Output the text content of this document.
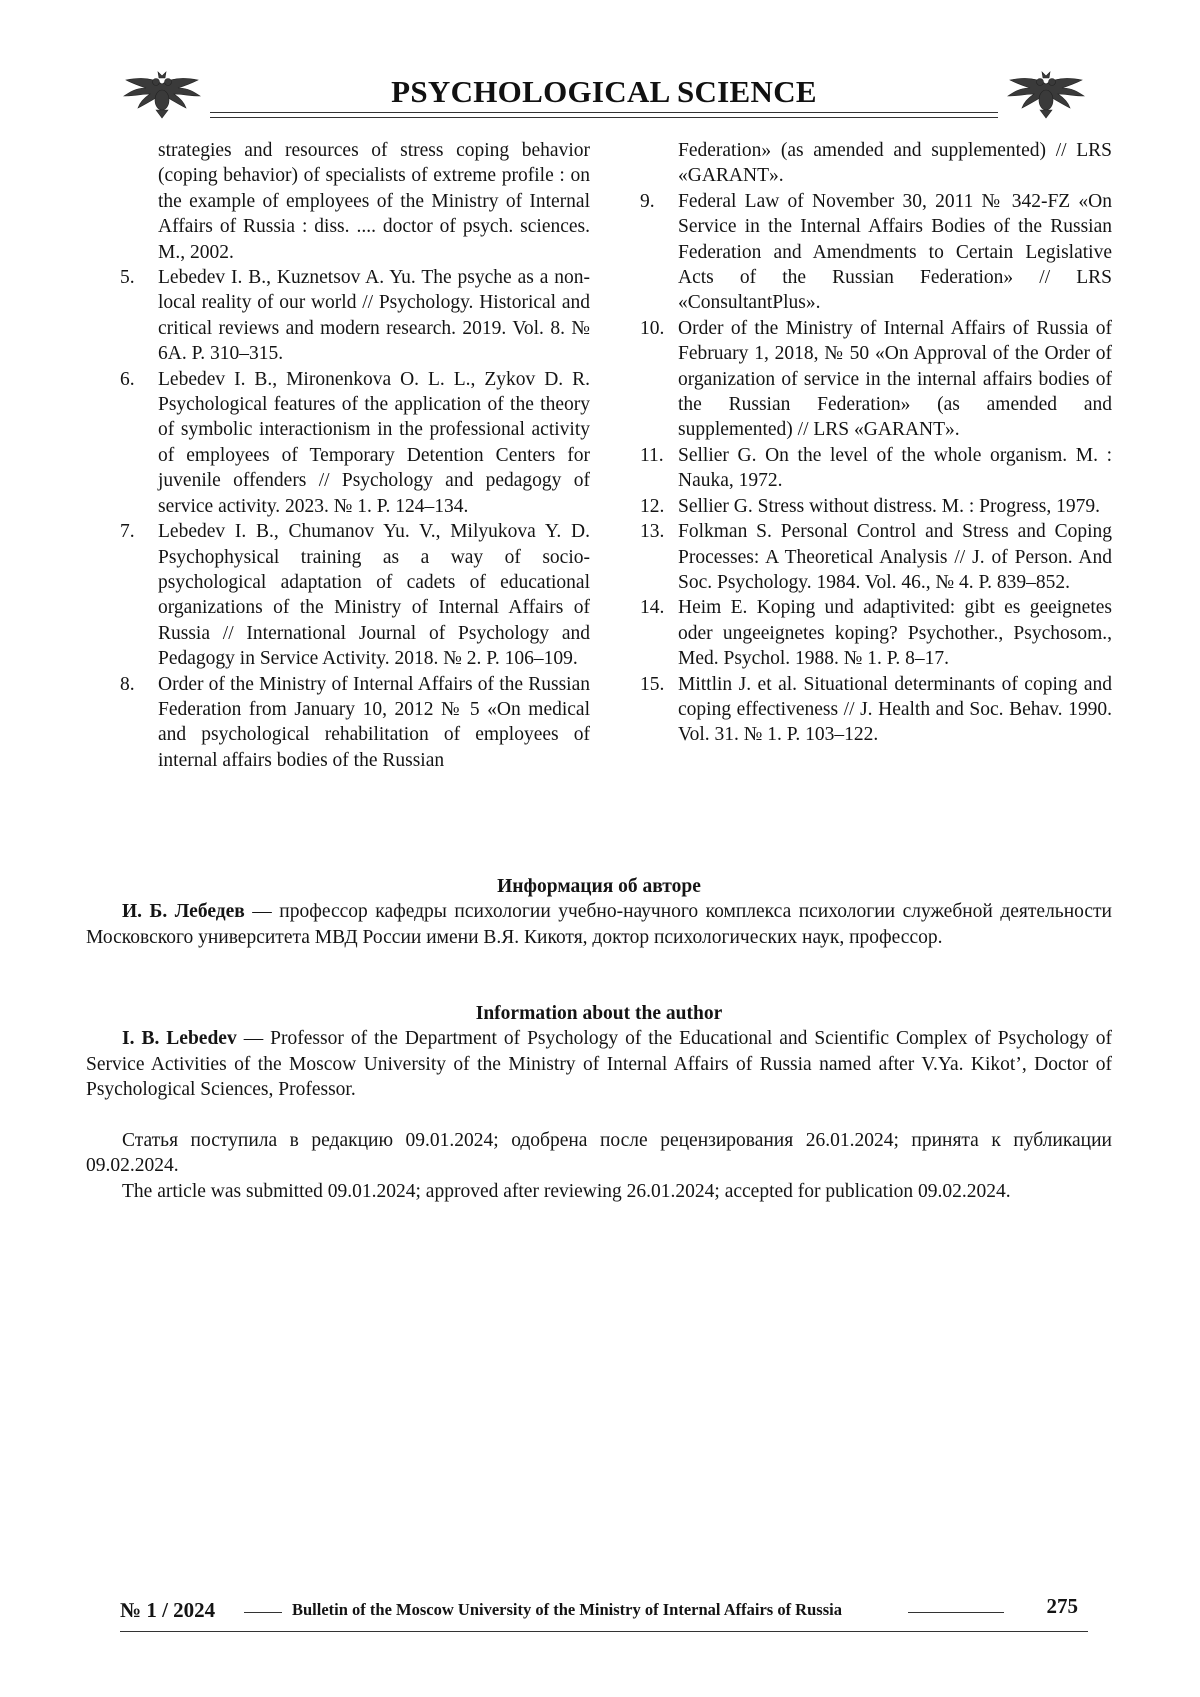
PSYCHOLOGICAL SCIENCE
strategies and resources of stress coping behavior (coping behavior) of specialists of extreme profile : on the example of employees of the Ministry of Internal Affairs of Russia : diss. .... doctor of psych. sciences. M., 2002.
5.	Lebedev I. B., Kuznetsov A. Yu. The psyche as a non-local reality of our world // Psychology. Historical and critical reviews and modern research. 2019. Vol. 8. № 6A. P. 310–315.
6.	Lebedev I. B., Mironenkova O. L. L., Zykov D. R. Psychological features of the application of the theory of symbolic interactionism in the professional activity of employees of Temporary Detention Centers for juvenile offenders // Psychology and pedagogy of service activity. 2023. № 1. P. 124–134.
7.	Lebedev I. B., Chumanov Yu. V., Milyukova Y. D. Psychophysical training as a way of socio-psychological adaptation of cadets of educational organizations of the Ministry of Internal Affairs of Russia // International Journal of Psychology and Pedagogy in Service Activity. 2018. № 2. P. 106–109.
8.	Order of the Ministry of Internal Affairs of the Russian Federation from January 10, 2012 № 5 «On medical and psychological rehabilitation of employees of internal affairs bodies of the Russian
Federation» (as amended and supplemented) // LRS «GARANT».
9.	Federal Law of November 30, 2011 № 342-FZ «On Service in the Internal Affairs Bodies of the Russian Federation and Amendments to Certain Legislative Acts of the Russian Federation» // LRS «ConsultantPlus».
10. Order of the Ministry of Internal Affairs of Russia of February 1, 2018, № 50 «On Approval of the Order of organization of service in the internal affairs bodies of the Russian Federation» (as amended and supplemented) // LRS «GARANT».
11. Sellier G. On the level of the whole organism. M. : Nauka, 1972.
12. Sellier G. Stress without distress. M. : Progress, 1979.
13. Folkman S. Personal Control and Stress and Coping Processes: A Theoretical Analysis // J. of Person. And Soc. Psychology. 1984. Vol. 46., № 4. P. 839–852.
14. Heim E. Koping und adaptivited: gibt es geeignetes oder ungeeignetes koping? Psychother., Psychosom., Med. Psychol. 1988. № 1. P. 8–17.
15. Mittlin J. et al. Situational determinants of coping and coping effectiveness // J. Health and Soc. Behav. 1990. Vol. 31. № 1. P. 103–122.
Информация об авторе

И. Б. Лебедев — профессор кафедры психологии учебно-научного комплекса психологии служебной деятельности Московского университета МВД России имени В.Я. Кикотя, доктор психологических наук, профессор.

Information about the author

I. B. Lebedev — Professor of the Department of Psychology of the Educational and Scientific Complex of Psychology of Service Activities of the Moscow University of the Ministry of Internal Affairs of Russia named after V.Ya. Kikot’, Doctor of Psychological Sciences, Professor.

Статья поступила в редакцию 09.01.2024; одобрена после рецензирования 26.01.2024; принята к публикации 09.02.2024.

The article was submitted 09.01.2024; approved after reviewing 26.01.2024; accepted for publication 09.02.2024.

№ 1 / 2024	Bulletin of the Moscow University of the Ministry of Internal Affairs of Russia	275
